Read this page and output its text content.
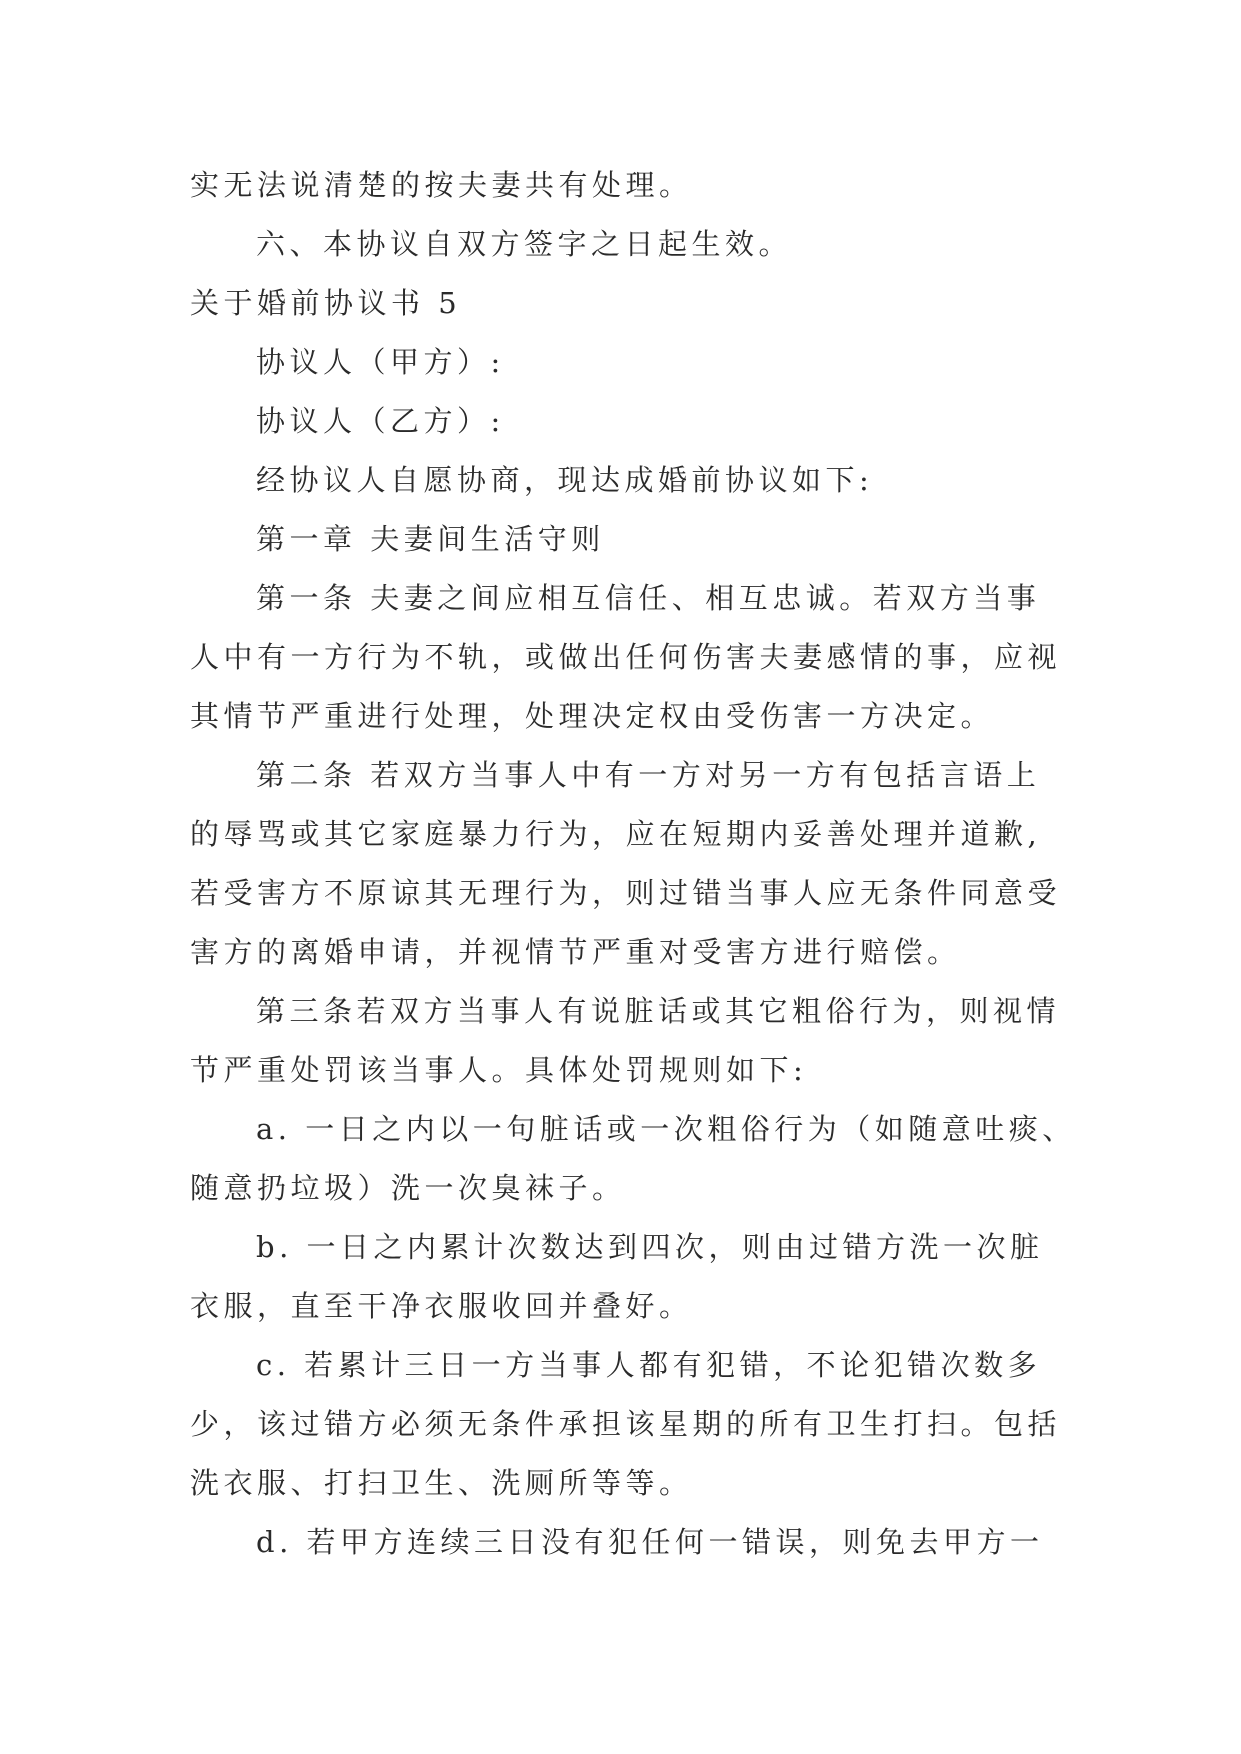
实无法说清楚的按夫妻共有处理。
六、本协议自双方签字之日起生效。
关于婚前协议书 5
协议人（甲方）:
协议人（乙方）:
经协议人自愿协商，现达成婚前协议如下:
第一章 夫妻间生活守则
第一条 夫妻之间应相互信任、相互忠诚。若双方当事
人中有一方行为不轨，或做出任何伤害夫妻感情的事，应视
其情节严重进行处理，处理决定权由受伤害一方决定。
第二条 若双方当事人中有一方对另一方有包括言语上
的辱骂或其它家庭暴力行为，应在短期内妥善处理并道歉,
若受害方不原谅其无理行为，则过错当事人应无条件同意受
害方的离婚申请，并视情节严重对受害方进行赔偿。
第三条若双方当事人有说脏话或其它粗俗行为，则视情
节严重处罚该当事人。具体处罚规则如下:
a. 一日之内以一句脏话或一次粗俗行为（如随意吐痰、
随意扔垃圾）洗一次臭袜子。
b. 一日之内累计次数达到四次，则由过错方洗一次脏
衣服，直至干净衣服收回并叠好。
c. 若累计三日一方当事人都有犯错，不论犯错次数多
少，该过错方必须无条件承担该星期的所有卫生打扫。包括
洗衣服、打扫卫生、洗厕所等等。
d. 若甲方连续三日没有犯任何一错误，则免去甲方一
